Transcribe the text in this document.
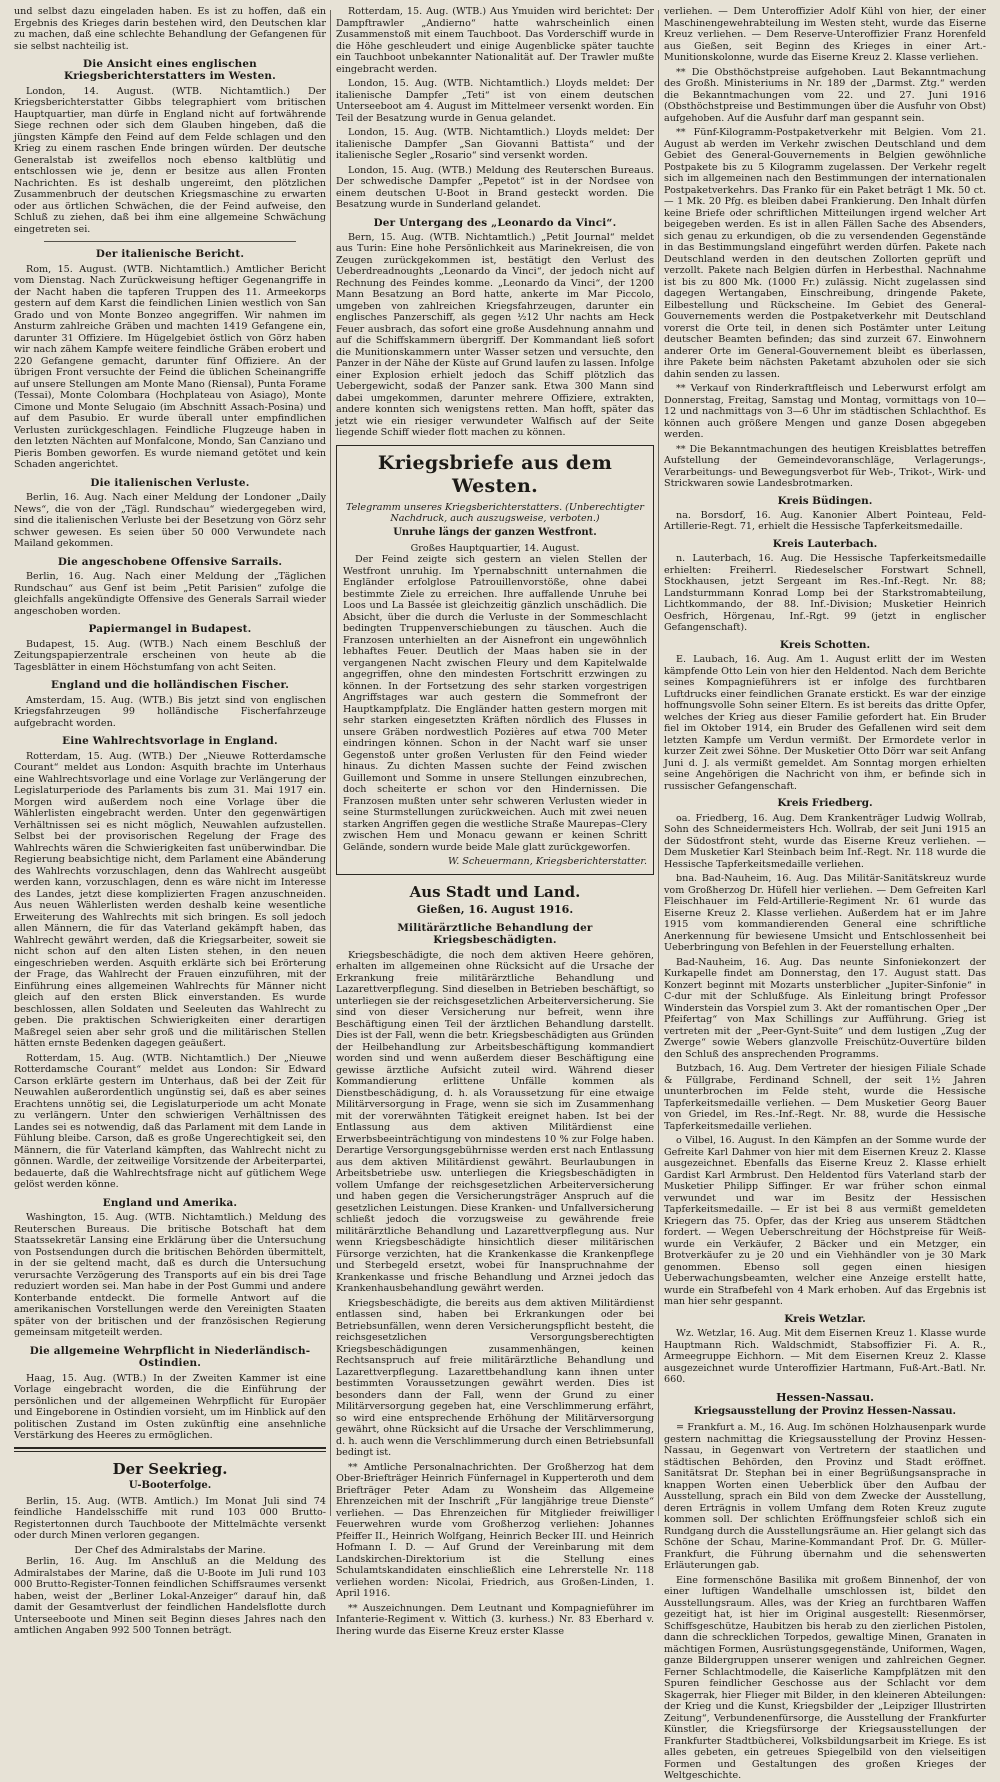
und selbst dazu eingeladen haben. Es ist zu hoffen, daß ein Ergebnis des Krieges darin bestehen wird, den Deutschen klar zu machen, daß eine schlechte Behandlung der Gefangenen für sie selbst nachteilig ist.

Die Ansicht eines englischen Kriegsberichterstatters im Westen.

London, 14. August. (WTB. Nichtamtlich.) Der Kriegsberichterstatter Gibbs telegraphiert vom britischen Hauptquartier, man dürfe in England nicht auf fortwährende Siege rechnen oder sich dem Glauben hingeben, daß die jüngsten Kämpfe den Feind auf dem Felde schlagen und den Krieg zu einem raschen Ende bringen würden. Der deutsche Generalstab ist zweifellos noch ebenso kaltblütig und entschlossen wie je, denn er besitze aus allen Fronten Nachrichten. Es ist deshalb ungereimt, den plötzlichen Zusammenbruch der deutschen Kriegsmaschine zu erwarten oder aus örtlichen Schwächen, die der Feind aufweise, den Schluß zu ziehen, daß bei ihm eine allgemeine Schwächung eingetreten sei.

Der italienische Bericht.

Rom, 15. August. (WTB. Nichtamtlich.) Amtlicher Bericht vom Dienstag. Nach Zurückweisung heftiger Gegenangriffe in der Nacht haben die tapferen Truppen des 11. Armeekorps gestern auf dem Karst die feindlichen Linien westlich von San Grado und von Monte Bonzeo angegriffen. Wir nahmen im Ansturm zahlreiche Gräben und machten 1419 Gefangene ein, darunter 31 Offiziere. Im Hügelgebiet östlich von Görz haben wir nach zähem Kampfe weitere feindliche Gräben erobert und 220 Gefangene gemacht, darunter fünf Offiziere. An der übrigen Front versuchte der Feind die üblichen Scheinangriffe auf unsere Stellungen am Monte Mano (Riensal), Punta Forame (Tessai), Monte Colombara (Hochplateau von Asiago), Monte Cimone und Monte Selugaio (im Abschnitt Assach-Posina) und auf dem Pasubio. Er wurde überall unter empfindlichen Verlusten zurückgeschlagen. Feindliche Flugzeuge haben in den letzten Nächten auf Monfalcone, Mondo, San Canziano und Pieris Bomben geworfen. Es wurde niemand getötet und kein Schaden angerichtet.

Die italienischen Verluste.

Berlin, 16. Aug. Nach einer Meldung der Londoner „Daily News“, die von der „Tägl. Rundschau“ wiedergegeben wird, sind die italienischen Verluste bei der Besetzung von Görz sehr schwer gewesen. Es seien über 50 000 Verwundete nach Mailand gekommen.

Die angeschobene Offensive Sarrails.

Berlin, 16. Aug. Nach einer Meldung der „Täglichen Rundschau“ aus Genf ist beim „Petit Parisien“ zufolge die gleichfalls angekündigte Offensive des Generals Sarrail wieder angeschoben worden.

Papiermangel in Budapest.

Budapest, 15. Aug. (WTB.) Nach einem Beschluß der Zeitungspapierzentrale erscheinen von heute ab die Tagesblätter in einem Höchstumfang von acht Seiten.

England und die holländischen Fischer.

Amsterdam, 15. Aug. (WTB.) Bis jetzt sind von englischen Kriegsfahrzeugen 99 holländische Fischerfahrzeuge aufgebracht worden.

Eine Wahlrechtsvorlage in England.

Rotterdam, 15. Aug. (WTB.) Der „Nieuwe Rotterdamsche Courant“ meldet aus London: Asquith brachte im Unterhaus eine Wahlrechtsvorlage und eine Vorlage zur Verlängerung der Legislaturperiode des Parlaments bis zum 31. Mai 1917 ein. Morgen wird außerdem noch eine Vorlage über die Wählerlisten eingebracht werden. Unter den gegenwärtigen Verhältnissen sei es nicht möglich, Neuwahlen aufzustellen. Selbst bei der provisorischen Regelung der Frage des Wahlrechts wären die Schwierigkeiten fast unüberwindbar. Die Regierung beabsichtige nicht, dem Parlament eine Abänderung des Wahlrechts vorzuschlagen, denn das Wahlrecht ausgeübt werden kann, vorzuschlagen, denn es wäre nicht im Interesse des Landes, jetzt diese komplizierten Fragen anzuschneiden. Aus neuen Wählerlisten werden deshalb keine wesentliche Erweiterung des Wahlrechts mit sich bringen. Es soll jedoch allen Männern, die für das Vaterland gekämpft haben, das Wahlrecht gewährt werden, daß die Kriegsarbeiter, soweit sie nicht schon auf den alten Listen stehen, in den neuen eingeschrieben werden. Asquith erklärte sich bei Erörterung der Frage, das Wahlrecht der Frauen einzuführen, mit der Einführung eines allgemeinen Wahlrechts für Männer nicht gleich auf den ersten Blick einverstanden. Es wurde beschlossen, allen Soldaten und Seeleuten das Wahlrecht zu geben. Die praktischen Schwierigkeiten einer derartigen Maßregel seien aber sehr groß und die militärischen Stellen hätten ernste Bedenken dagegen geäußert.

Rotterdam, 15. Aug. (WTB. Nichtamtlich.) Der „Nieuwe Rotterdamsche Courant“ meldet aus London: Sir Edward Carson erklärte gestern im Unterhaus, daß bei der Zeit für Neuwahlen außerordentlich ungünstig sei, daß es aber seines Erachtens unnötig sei, die Legislaturperiode um acht Monate zu verlängern. Unter den schwierigen Verhältnissen des Landes sei es notwendig, daß das Parlament mit dem Lande in Fühlung bleibe. Carson, daß es große Ungerechtigkeit sei, den Männern, die für Vaterland kämpften, das Wahlrecht nicht zu gönnen. Wardle, der zeitweilige Vorsitzende der Arbeiterpartei, bedauerte, daß die Wahlrechtsfrage nicht auf gütlichem Wege gelöst werden könne.

England und Amerika.

Washington, 15. Aug. (WTB. Nichtamtlich.) Meldung des Reuterschen Bureaus. Die britische Botschaft hat dem Staatssekretär Lansing eine Erklärung über die Untersuchung von Postsendungen durch die britischen Behörden übermittelt, in der sie geltend macht, daß es durch die Untersuchung verursachte Verzögerung des Transports auf ein bis drei Tage reduziert worden sei. Man habe in der Post Gummi und andere Konterbande entdeckt. Die formelle Antwort auf die amerikanischen Vorstellungen werde den Vereinigten Staaten später von der britischen und der französischen Regierung gemeinsam mitgeteilt werden.

Die allgemeine Wehrpflicht in Niederländisch-Ostindien.

Haag, 15. Aug. (WTB.) In der Zweiten Kammer ist eine Vorlage eingebracht worden, die die Einführung der persönlichen und der allgemeinen Wehrpflicht für Europäer und Eingeborene in Ostindien vorsieht, um im Hinblick auf den politischen Zustand im Osten zukünftig eine ansehnliche Verstärkung des Heeres zu ermöglichen.

Der Seekrieg.
U-Booterfolge.

Berlin, 15. Aug. (WTB. Amtlich.) Im Monat Juli sind 74 feindliche Handelsschiffe mit rund 103 000 Brutto-Registertonnen durch Tauchboote der Mittelmächte versenkt oder durch Minen verloren gegangen.

Der Chef des Admiralstabs der Marine.

Berlin, 16. Aug. Im Anschluß an die Meldung des Admiralstabes der Marine, daß die U-Boote im Juli rund 103 000 Brutto-Register-Tonnen feindlichen Schiffsraumes versenkt haben, weist der „Berliner Lokal-Anzeiger“ darauf hin, daß damit der Gesamtverlust der feindlichen Handelsflotte durch Unterseeboote und Minen seit Beginn dieses Jahres nach den amtlichen Angaben 992 500 Tonnen beträgt.

Rotterdam, 15. Aug. (WTB.) Aus Ymuiden wird berichtet: Der Dampftrawler „Andierno“ hatte wahrscheinlich einen Zusammenstoß mit einem Tauchboot. Das Vorderschiff wurde in die Höhe geschleudert und einige Augenblicke später tauchte ein Tauchboot unbekannter Nationalität auf. Der Trawler mußte eingebracht werden.

London, 15. Aug. (WTB. Nichtamtlich.) Lloyds meldet: Der italienische Dampfer „Teti“ ist von einem deutschen Unterseeboot am 4. August im Mittelmeer versenkt worden. Ein Teil der Besatzung wurde in Genua gelandet.

London, 15. Aug. (WTB. Nichtamtlich.) Lloyds meldet: Der italienische Dampfer „San Giovanni Battista“ und der italienische Segler „Rosario“ sind versenkt worden.

London, 15. Aug. (WTB.) Meldung des Reuterschen Bureaus. Der schwedische Dampfer „Pepetot“ ist in der Nordsee von einem deutschen U-Boot in Brand gesteckt worden. Die Besatzung wurde in Sunderland gelandet.

Der Untergang des „Leonardo da Vinci“.

Bern, 15. Aug. (WTB. Nichtamtlich.) „Petit Journal“ meldet aus Turin: Eine hohe Persönlichkeit aus Marinekreisen, die von Zeugen zurückgekommen ist, bestätigt den Verlust des Ueberdreadnoughts „Leonardo da Vinci“, der jedoch nicht auf Rechnung des Feindes komme. „Leonardo da Vinci“, der 1200 Mann Besatzung an Bord hatte, ankerte im Mar Piccolo, umgeben von zahlreichen Kriegsfahrzeugen, darunter ein englisches Panzerschiff, als gegen ½12 Uhr nachts am Heck Feuer ausbrach, das sofort eine große Ausdehnung annahm und auf die Schiffskammern übergriff. Der Kommandant ließ sofort die Munitionskammern unter Wasser setzen und versuchte, den Panzer in der Nähe der Küste auf Grund laufen zu lassen. Infolge einer Explosion erhielt jedoch das Schiff plötzlich das Uebergewicht, sodaß der Panzer sank. Etwa 300 Mann sind dabei umgekommen, darunter mehrere Offiziere, extrakten, andere konnten sich wenigstens retten. Man hofft, später das jetzt wie ein riesiger verwundeter Walfisch auf der Seite liegende Schiff wieder flott machen zu können.

Kriegsbriefe aus dem Westen.
Telegramm unseres Kriegsberichterstatters. (Unberechtigter Nachdruck, auch auszugsweise, verboten.)
Unruhe längs der ganzen Westfront.
Großes Hauptquartier, 14. August.

Der Feind zeigte sich gestern an vielen Stellen der Westfront unruhig. Im Ypernabschnitt unternahmen die Engländer erfolglose Patrouillenvorstöße, ohne dabei bestimmte Ziele zu erreichen. Ihre auffallende Unruhe bei Loos und La Bassée ist gleichzeitig gänzlich unschädlich. Die Absicht, über die durch die Verluste in der Sommeschlacht bedingten Truppenverschiebungen zu täuschen. Auch die Franzosen unterhielten an der Aisnefront ein ungewöhnlich lebhaftes Feuer. Deutlich der Maas haben sie in der vergangenen Nacht zwischen Fleury und dem Kapitelwalde angegriffen, ohne den mindesten Fortschritt erzwingen zu können. In der Fortsetzung des sehr starken vorgestrigen Angriffstages war auch gestern die Sommefront der Hauptkampfplatz. Die Engländer hatten gestern morgen mit sehr starken eingesetzten Kräften nördlich des Flusses in unsere Gräben nordwestlich Pozières auf etwa 700 Meter eindringen können. Schon in der Nacht warf sie unser Gegenstoß unter großen Verlusten für den Feind wieder hinaus. Zu dichten Massen suchte der Feind zwischen Guillemont und Somme in unsere Stellungen einzubrechen, doch scheiterte er schon vor den Hindernissen. Die Franzosen mußten unter sehr schweren Verlusten wieder in seine Sturmstellungen zurückweichen. Auch mit zwei neuen starken Angriffen gegen die westliche Straße Maurepas–Clery zwischen Hem und Monacu gewann er keinen Schritt Gelände, sondern wurde beide Male glatt zurückgeworfen.

W. Scheuermann, Kriegsberichterstatter.
Aus Stadt und Land.
Gießen, 16. August 1916.
Militärärztliche Behandlung der Kriegsbeschädigten.

Kriegsbeschädigte, die noch dem aktiven Heere gehören, erhalten im allgemeinen ohne Rücksicht auf die Ursache der Erkrankung freie militärärztliche Behandlung und Lazarettverpflegung. Sind dieselben in Betrieben beschäftigt, so unterliegen sie der reichsgesetzlichen Arbeiterversicherung. Sie sind von dieser Versicherung nur befreit, wenn ihre Beschäftigung einen Teil der ärztlichen Behandlung darstellt. Dies ist der Fall, wenn die betr. Kriegsbeschädigten aus Gründen der Heilbehandlung zur Arbeitsbeschäftigung kommandiert worden sind und wenn außerdem dieser Beschäftigung eine gewisse ärztliche Aufsicht zuteil wird. Während dieser Kommandierung erlittene Unfälle kommen als Dienstbeschädigung, d. h. als Voraussetzung für eine etwaige Militärversorgung in Frage, wenn sie sich im Zusammenhang mit der vorerwähnten Tätigkeit ereignet haben. Ist bei der Entlassung aus dem aktiven Militärdienst eine Erwerbsbeeinträchtigung von mindestens 10 % zur Folge haben. Derartige Versorgungsgebührnisse werden erst nach Entlassung aus dem aktiven Militärdienst gewährt. Beurlaubungen in Arbeitsbetriebe usw. unterliegen die Kriegsbeschädigten in vollem Umfange der reichsgesetzlichen Arbeiterversicherung und haben gegen die Versicherungsträger Anspruch auf die gesetzlichen Leistungen. Diese Kranken- und Unfallversicherung schließt jedoch die vorzugsweise zu gewährende freie militärärztliche Behandlung und Lazarettverpflegung aus. Nur wenn Kriegsbeschädigte hinsichtlich dieser militärischen Fürsorge verzichten, hat die Krankenkasse die Krankenpflege und Sterbegeld ersetzt, wobei für Inanspruchnahme der Krankenkasse und frische Behandlung und Arznei jedoch das Krankenhausbehandlung gewährt werden.

Kriegsbeschädigte, die bereits aus dem aktiven Militärdienst entlassen sind, haben bei Erkrankungen oder bei Betriebsunfällen, wenn deren Versicherungspflicht besteht, die reichsgesetzlichen Versorgungsberechtigten Kriegsbeschädigungen zusammenhängen, keinen Rechtsanspruch auf freie militärärztliche Behandlung und Lazarettverpflegung. Lazarettbehandlung kann ihnen unter bestimmten Voraussetzungen gewährt werden. Dies ist besonders dann der Fall, wenn der Grund zu einer Militärversorgung gegeben hat, eine Verschlimmerung erfährt, so wird eine entsprechende Erhöhung der Militärversorgung gewährt, ohne Rücksicht auf die Ursache der Verschlimmerung, d. h. auch wenn die Verschlimmerung durch einen Betriebsunfall bedingt ist.

** Amtliche Personalnachrichten. Der Großherzog hat dem Ober-Briefträger Heinrich Fünfernagel in Kupperteroth und dem Briefträger Peter Adam zu Wonsheim das Allgemeine Ehrenzeichen mit der Inschrift „Für langjährige treue Dienste“ verliehen. — Das Ehrenzeichen für Mitglieder freiwilliger Feuerwehren wurde vom Großherzog verliehen: Johannes Pfeiffer II., Heinrich Wolfgang, Heinrich Becker III. und Heinrich Hofmann I. D. — Auf Grund der Vereinbarung mit dem Landskirchen-Direktorium ist die Stellung eines Schulamtskandidaten einschließlich eine Lehrerstelle Nr. 118 verliehen worden: Nicolai, Friedrich, aus Großen-Linden, 1. April 1916.

** Auszeichnungen. Dem Leutnant und Kompagnieführer im Infanterie-Regiment v. Wittich (3. kurhess.) Nr. 83 Eberhard v. Ihering wurde das Eiserne Kreuz erster Klasse

verliehen. — Dem Unteroffizier Adolf Kühl von hier, der einer Maschinengewehrabteilung im Westen steht, wurde das Eiserne Kreuz verliehen. — Dem Reserve-Unteroffizier Franz Horenfeld aus Gießen, seit Beginn des Krieges in einer Art.-Munitionskolonne, wurde das Eiserne Kreuz 2. Klasse verliehen.

** Die Obsthöchstpreise aufgehoben. Laut Bekanntmachung des Großh. Ministeriums in Nr. 189 der „Darmst. Ztg.“ werden die Bekanntmachungen vom 22. und 27. Juni 1916 (Obsthöchstpreise und Bestimmungen über die Ausfuhr von Obst) aufgehoben. Auf die Ausfuhr darf man gespannt sein.

** Fünf-Kilogramm-Postpaketverkehr mit Belgien. Vom 21. August ab werden im Verkehr zwischen Deutschland und dem Gebiet des General-Gouvernements in Belgien gewöhnliche Postpakete bis zu 5 Kilogramm zugelassen. Der Verkehr regelt sich im allgemeinen nach den Bestimmungen der internationalen Postpaketverkehrs. Das Franko für ein Paket beträgt 1 Mk. 50 ct. — 1 Mk. 20 Pfg. es bleiben dabei Frankierung. Den Inhalt dürfen keine Briefe oder schriftlichen Mitteilungen irgend welcher Art beigegeben werden. Es ist in allen Fällen Sache des Absenders, sich genau zu erkundigen, ob die zu versendenden Gegenstände in das Bestimmungsland eingeführt werden dürfen. Pakete nach Deutschland werden in den deutschen Zollorten geprüft und verzollt. Pakete nach Belgien dürfen in Herbesthal. Nachnahme ist bis zu 800 Mk. (1000 Fr.) zulässig. Nicht zugelassen sind dagegen Wertangaben, Einschreibung, dringende Pakete, Eilbestellung und Rückscheine. Im Gebiet des General-Gouvernements werden die Postpaketverkehr mit Deutschland vorerst die Orte teil, in denen sich Postämter unter Leitung deutscher Beamten befinden; das sind zurzeit 67. Einwohnern anderer Orte im General-Gouvernement bleibt es überlassen, ihre Pakete beim nächsten Paketamt abzuholen oder sie sich dahin senden zu lassen.

** Verkauf von Rinderkraftfleisch und Leberwurst erfolgt am Donnerstag, Freitag, Samstag und Montag, vormittags von 10—12 und nachmittags von 3—6 Uhr im städtischen Schlachthof. Es können auch größere Mengen und ganze Dosen abgegeben werden.

** Die Bekanntmachungen des heutigen Kreisblattes betreffen Aufstellung der Gemeindevoranschläge, Verlagerungs-, Verarbeitungs- und Bewegungsverbot für Web-, Trikot-, Wirk- und Strickwaren sowie Landesbrotmarken.

Kreis Büdingen.

na. Borsdorf, 16. Aug. Kanonier Albert Pointeau, Feld-Artillerie-Regt. 71, erhielt die Hessische Tapferkeitsmedaille.

Kreis Lauterbach.

n. Lauterbach, 16. Aug. Die Hessische Tapferkeitsmedaille erhielten: Freiherrl. Riedeselscher Forstwart Schnell, Stockhausen, jetzt Sergeant im Res.-Inf.-Regt. Nr. 88; Landsturmmann Konrad Lomp bei der Starkstromabteilung, Lichtkommando, der 88. Inf.-Division; Musketier Heinrich Oesfrich, Hörgenau, Inf.-Rgt. 99 (jetzt in englischer Gefangenschaft).

Kreis Schotten.

E. Laubach, 16. Aug. Am 1. August erlitt der im Westen kämpfende Otto Lein von hier den Heldentod. Nach dem Berichte seines Kompagnieführers ist er infolge des furchtbaren Luftdrucks einer feindlichen Granate erstickt. Es war der einzige hoffnungsvolle Sohn seiner Eltern. Es ist bereits das dritte Opfer, welches der Krieg aus dieser Familie gefordert hat. Ein Bruder fiel im Oktober 1914, ein Bruder des Gefallenen wird seit dem letzten Kampfe um Verdun vermißt. Der Ermordete verlor in kurzer Zeit zwei Söhne. Der Musketier Otto Dörr war seit Anfang Juni d. J. als vermißt gemeldet. Am Sonntag morgen erhielten seine Angehörigen die Nachricht von ihm, er befinde sich in russischer Gefangenschaft.

Kreis Friedberg.

oa. Friedberg, 16. Aug. Dem Krankenträger Ludwig Wollrab, Sohn des Schneidermeisters Hch. Wollrab, der seit Juni 1915 an der Südostfront steht, wurde das Eiserne Kreuz verliehen. — Dem Musketier Karl Steinbach beim Inf.-Regt. Nr. 118 wurde die Hessische Tapferkeitsmedaille verliehen.

bna. Bad-Nauheim, 16. Aug. Das Militär-Sanitätskreuz wurde vom Großherzog Dr. Hüfell hier verliehen. — Dem Gefreiten Karl Fleischhauer im Feld-Artillerie-Regiment Nr. 61 wurde das Eiserne Kreuz 2. Klasse verliehen. Außerdem hat er im Jahre 1915 vom kommandierenden General eine schriftliche Anerkennung für bewiesene Umsicht und Entschlossenheit bei Ueberbringung von Befehlen in der Feuerstellung erhalten.

Bad-Nauheim, 16. Aug. Das neunte Sinfoniekonzert der Kurkapelle findet am Donnerstag, den 17. August statt. Das Konzert beginnt mit Mozarts unsterblicher „Jupiter-Sinfonie“ in C-dur mit der Schlußfuge. Als Einleitung bringt Professor Winderstein das Vorspiel zum 3. Akt der romantischen Oper „Der Pfeifertag“ von Max Schillings zur Aufführung. Grieg ist vertreten mit der „Peer-Gynt-Suite“ und dem lustigen „Zug der Zwerge“ sowie Webers glanzvolle Freischütz-Ouvertüre bilden den Schluß des ansprechenden Programms.

Butzbach, 16. Aug. Dem Vertreter der hiesigen Filiale Schade & Füllgrabe, Ferdinand Schnell, der seit 1½ Jahren ununterbrochen im Felde steht, wurde die Hessische Tapferkeitsmedaille verliehen. — Dem Musketier Georg Bauer von Griedel, im Res.-Inf.-Regt. Nr. 88, wurde die Hessische Tapferkeitsmedaille verliehen.

o Vilbel, 16. August. In den Kämpfen an der Somme wurde der Gefreite Karl Dahmer von hier mit dem Eisernen Kreuz 2. Klasse ausgezeichnet. Ebenfalls das Eiserne Kreuz 2. Klasse erhielt Gardist Karl Armbrust. Den Heldentod fürs Vaterland starb der Musketier Philipp Siffinger. Er war früher schon einmal verwundet und war im Besitz der Hessischen Tapferkeitsmedaille. — Er ist bei 8 aus vermißt gemeldeten Kriegern das 75. Opfer, das der Krieg aus unserem Städtchen fordert. — Wegen Ueberschreitung der Höchstpreise für Weiß- wurde ein Verkäufer, 2 Bäcker und ein Metzger, ein Brotverkäufer zu je 20 und ein Viehhändler von je 30 Mark genommen. Ebenso soll gegen einen hiesigen Ueberwachungsbeamten, welcher eine Anzeige erstellt hatte, wurde ein Strafbefehl von 4 Mark erhoben. Auf das Ergebnis ist man hier sehr gespannt.

Kreis Wetzlar.

Wz. Wetzlar, 16. Aug. Mit dem Eisernen Kreuz 1. Klasse wurde Hauptmann Rich. Waldschmidt, Stabsoffizier Fi. A. R., Armeegruppe Eichhorn. — Mit dem Eisernen Kreuz 2. Klasse ausgezeichnet wurde Unteroffizier Hartmann, Fuß-Art.-Batl. Nr. 660.

Hessen-Nassau.
Kriegsausstellung der Provinz Hessen-Nassau.

= Frankfurt a. M., 16. Aug. Im schönen Holzhausenpark wurde gestern nachmittag die Kriegsausstellung der Provinz Hessen-Nassau, in Gegenwart von Vertretern der staatlichen und städtischen Behörden, den Provinz und Stadt eröffnet. Sanitätsrat Dr. Stephan bei in einer Begrüßungsansprache in knappen Worten einen Ueberblick über den Aufbau der Ausstellung, sprach ein Bild von dem Zwecke der Ausstellung, deren Erträgnis in vollem Umfang dem Roten Kreuz zugute kommen soll. Der schlichten Eröffnungsfeier schloß sich ein Rundgang durch die Ausstellungsräume an. Hier gelangt sich das Schöne der Schau, Marine-Kommandant Prof. Dr. G. Müller-Frankfurt, die Führung übernahm und die sehenswerten Erläuterungen gab.

Eine formenschöne Basilika mit großem Binnenhof, der von einer luftigen Wandelhalle umschlossen ist, bildet den Ausstellungsraum. Alles, was der Krieg an furchtbaren Waffen gezeitigt hat, ist hier im Original ausgestellt: Riesenmörser, Schiffsgeschütze, Haubitzen bis herab zu den zierlichen Pistolen, dann die schrecklichen Torpedos, gewaltige Minen, Granaten in mächtigen Formen, Ausrüstungsgegenstände, Uniformen, Wagen, ganze Bildergruppen unserer wenigen und zahlreichen Gegner. Ferner Schlachtmodelle, die Kaiserliche Kampfplätzen mit den Spuren feindlicher Geschosse aus der Schlacht vor dem Skagerrak, hier Flieger mit Bilder, in den kleineren Abteilungen: der Krieg und die Kunst, Kriegsbilder der „Leipziger Illustrirten Zeitung“, Verbundenenfürsorge, die Ausstellung der Frankfurter Künstler, die Kriegsfürsorge der Kriegsausstellungen der Frankfurter Stadtbücherei, Volksbildungsarbeit im Kriege. Es ist alles gebeten, ein getreues Spiegelbild von den vielseitigen Formen und Gestaltungen des großen Krieges der Weltgeschichte.
